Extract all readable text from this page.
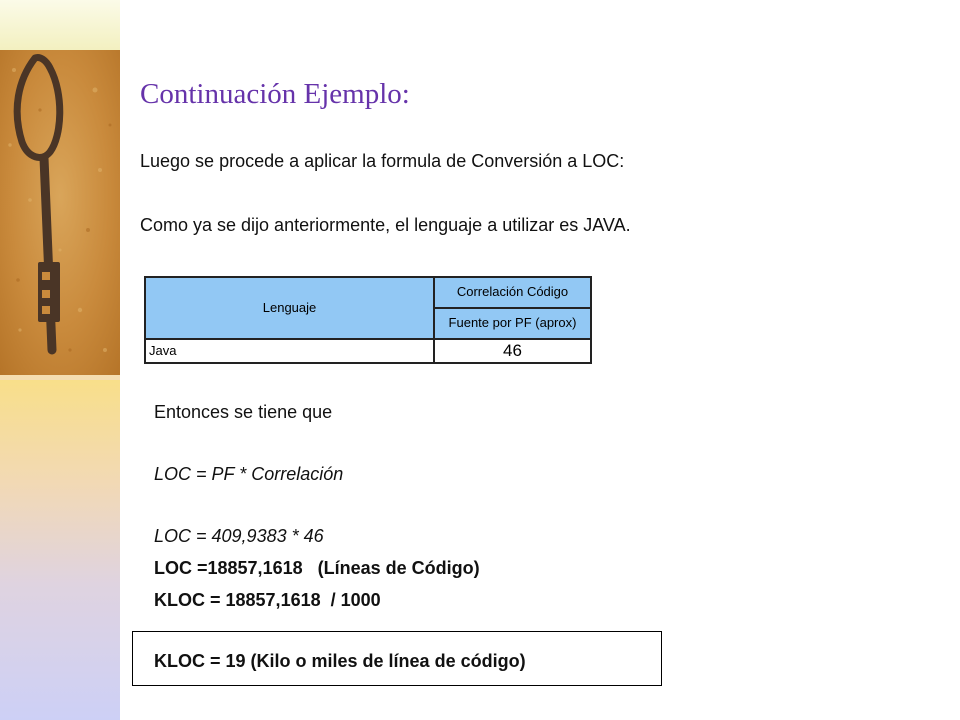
Continuación Ejemplo:
Luego se procede a aplicar la formula de Conversión a LOC:
Como ya se dijo anteriormente, el lenguaje a utilizar es JAVA.
Lenguaje	Correlación Código
	Fuente por PF (aprox)
Java	46
Entonces se tiene que
LOC = PF * Correlación
LOC = 409,9383 * 46
LOC =18857,1618   (Líneas de Código)
KLOC = 18857,1618  / 1000
KLOC = 19 (Kilo o miles de línea de código)
